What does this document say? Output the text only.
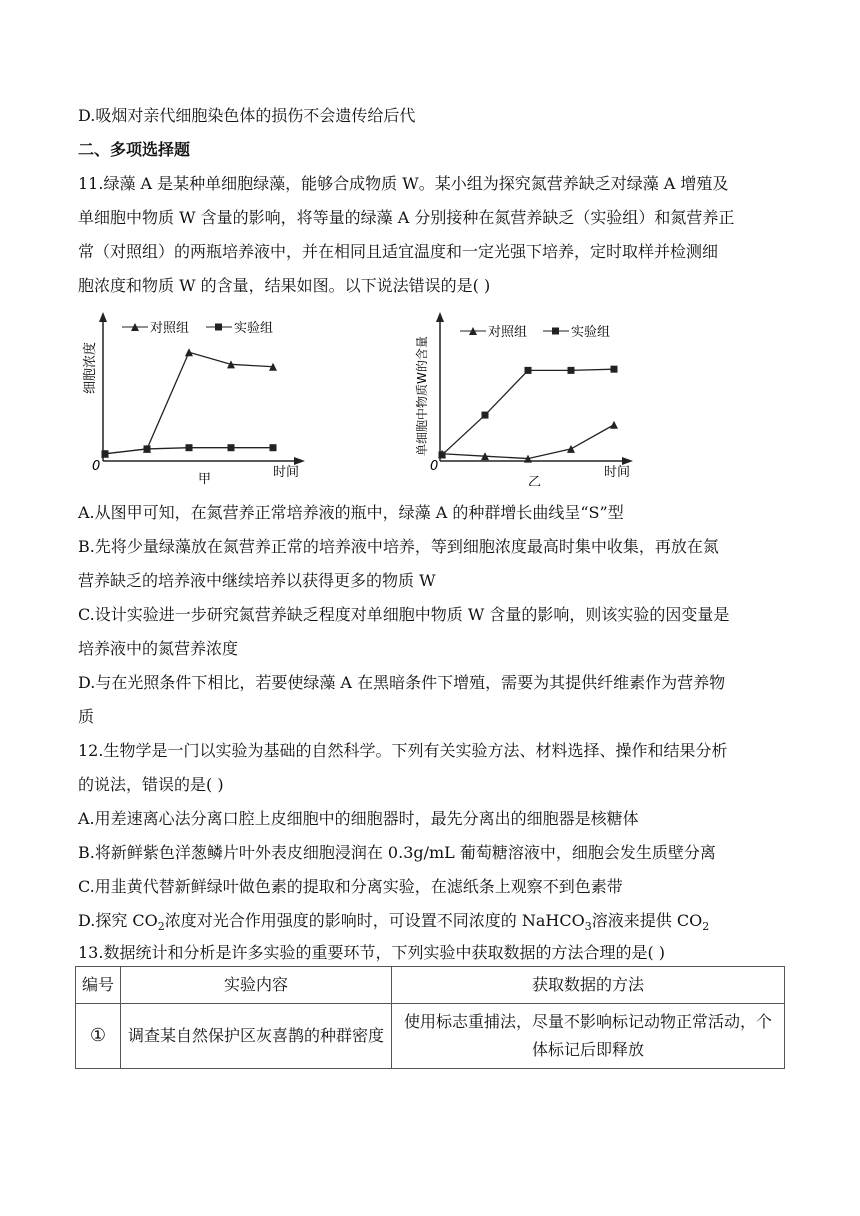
D.吸烟对亲代细胞染色体的损伤不会遗传给后代
二、多项选择题
11.绿藻 A 是某种单细胞绿藻，能够合成物质 W。某小组为探究氮营养缺乏对绿藻 A 增殖及
单细胞中物质 W 含量的影响，将等量的绿藻 A 分别接种在氮营养缺乏（实验组）和氮营养正
常（对照组）的两瓶培养液中，并在相同且适宜温度和一定光强下培养，定时取样并检测细
胞浓度和物质 W 的含量，结果如图。以下说法错误的是( )
0	时间
细胞浓度
甲
对照组	实验组
0	时间
单细胞中物质W的含量
乙
对照组	实验组
A.从图甲可知，在氮营养正常培养液的瓶中，绿藻 A 的种群增长曲线呈“S”型
B.先将少量绿藻放在氮营养正常的培养液中培养，等到细胞浓度最高时集中收集，再放在氮
营养缺乏的培养液中继续培养以获得更多的物质 W
C.设计实验进一步研究氮营养缺乏程度对单细胞中物质 W 含量的影响，则该实验的因变量是
培养液中的氮营养浓度
D.与在光照条件下相比，若要使绿藻 A 在黑暗条件下增殖，需要为其提供纤维素作为营养物
质
12.生物学是一门以实验为基础的自然科学。下列有关实验方法、材料选择、操作和结果分析
的说法，错误的是( )
A.用差速离心法分离口腔上皮细胞中的细胞器时，最先分离出的细胞器是核糖体
B.将新鲜紫色洋葱鳞片叶外表皮细胞浸润在 0.3g/mL 葡萄糖溶液中，细胞会发生质壁分离
C.用韭黄代替新鲜绿叶做色素的提取和分离实验，在滤纸条上观察不到色素带
D.探究 $CO_2$浓度对光合作用强度的影响时，可设置不同浓度的 NaHCO$_3$溶液来提供 $CO_2$
13.数据统计和分析是许多实验的重要环节，下列实验中获取数据的方法合理的是( )
编号	实验内容	获取数据的方法
①	调查某自然保护区灰喜鹊的种群密度	使用标志重捕法，尽量不影响标记动物正常活动，个体标记后即释放
